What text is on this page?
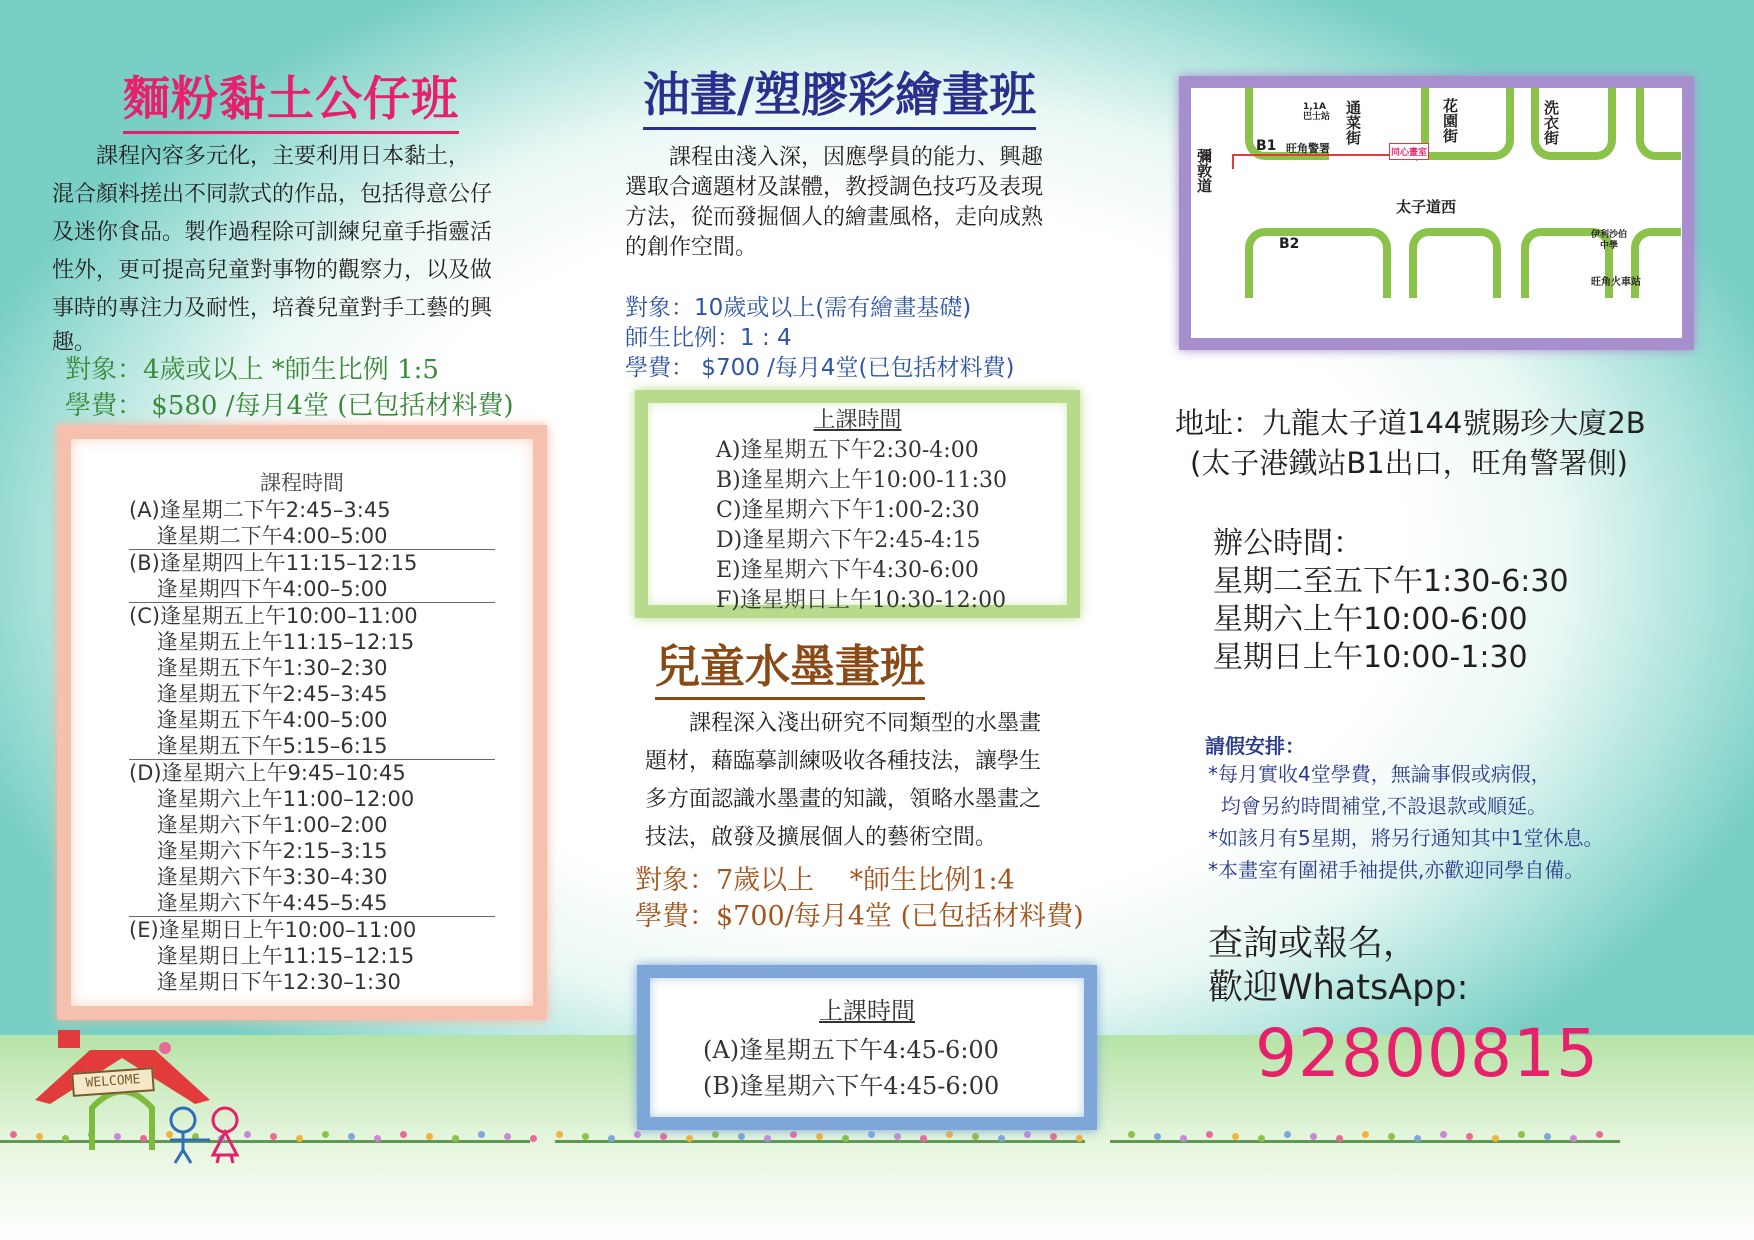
麵粉黏土公仔班
　　課程內容多元化，主要利用日本黏土，
混合顏料搓出不同款式的作品，包括得意公仔
及迷你食品。製作過程除可訓練兒童手指靈活
性外，更可提高兒童對事物的觀察力，以及做
事時的專注力及耐性，培養兒童對手工藝的興
趣。
對象：4歲或以上 *師生比例 1:5
學費： $580 /每月4堂 (已包括材料費)
課程時間
(A)逢星期二下午2:45–3:45
　 逢星期二下午4:00–5:00
(B)逢星期四上午11:15–12:15
　 逢星期四下午4:00–5:00
(C)逢星期五上午10:00–11:00
　 逢星期五上午11:15–12:15
　 逢星期五下午1:30–2:30
　 逢星期五下午2:45–3:45
　 逢星期五下午4:00–5:00
　 逢星期五下午5:15–6:15
(D)逢星期六上午9:45–10:45
　 逢星期六上午11:00–12:00
　 逢星期六下午1:00–2:00
　 逢星期六下午2:15–3:15
　 逢星期六下午3:30–4:30
　 逢星期六下午4:45–5:45
(E)逢星期日上午10:00–11:00
　 逢星期日上午11:15–12:15
　 逢星期日下午12:30–1:30
WELCOME
油畫/塑膠彩繪畫班
　　課程由淺入深，因應學員的能力、興趣
選取合適題材及謀體，教授調色技巧及表現
方法，從而發掘個人的繪畫風格，走向成熟
的創作空間。
對象：10歲或以上(需有繪畫基礎)
師生比例：1 : 4
學費： $700 /每月4堂(已包括材料費)
上課時間
A)逢星期五下午2:30-4:00
B)逢星期六上午10:00-11:30
C)逢星期六下午1:00-2:30
D)逢星期六下午2:45-4:15
E)逢星期六下午4:30-6:00
F)逢星期日上午10:30-12:00
兒童水墨畫班
　　課程深入淺出研究不同類型的水墨畫
題材，藉臨摹訓練吸收各種技法，讓學生
多方面認識水墨畫的知識，領略水墨畫之
技法，啟發及擴展個人的藝術空間。
對象：7歲以上　 *師生比例1:4
學費：$700/每月4堂 (已包括材料費)
上課時間
(A)逢星期五下午4:45-6:00
(B)逢星期六下午4:45-6:00
1,1A
巴士站
B1 旺角警署
通菜街	花園街	洗衣街
彌敦道
太子道西
B2
伊利沙伯
中學
旺角火車站
同心畫室
地址：九龍太子道144號賜珍大廈2B
(太子港鐵站B1出口，旺角警署側)
辦公時間：
星期二至五下午1:30-6:30
星期六上午10:00-6:00
星期日上午10:00-1:30
請假安排：
*每月實收4堂學費，無論事假或病假，
均會另約時間補堂,不設退款或順延。
*如該月有5星期，將另行通知其中1堂休息。
*本畫室有圍裙手袖提供,亦歡迎同學自備。
查詢或報名，
歡迎WhatsApp:
92800815
